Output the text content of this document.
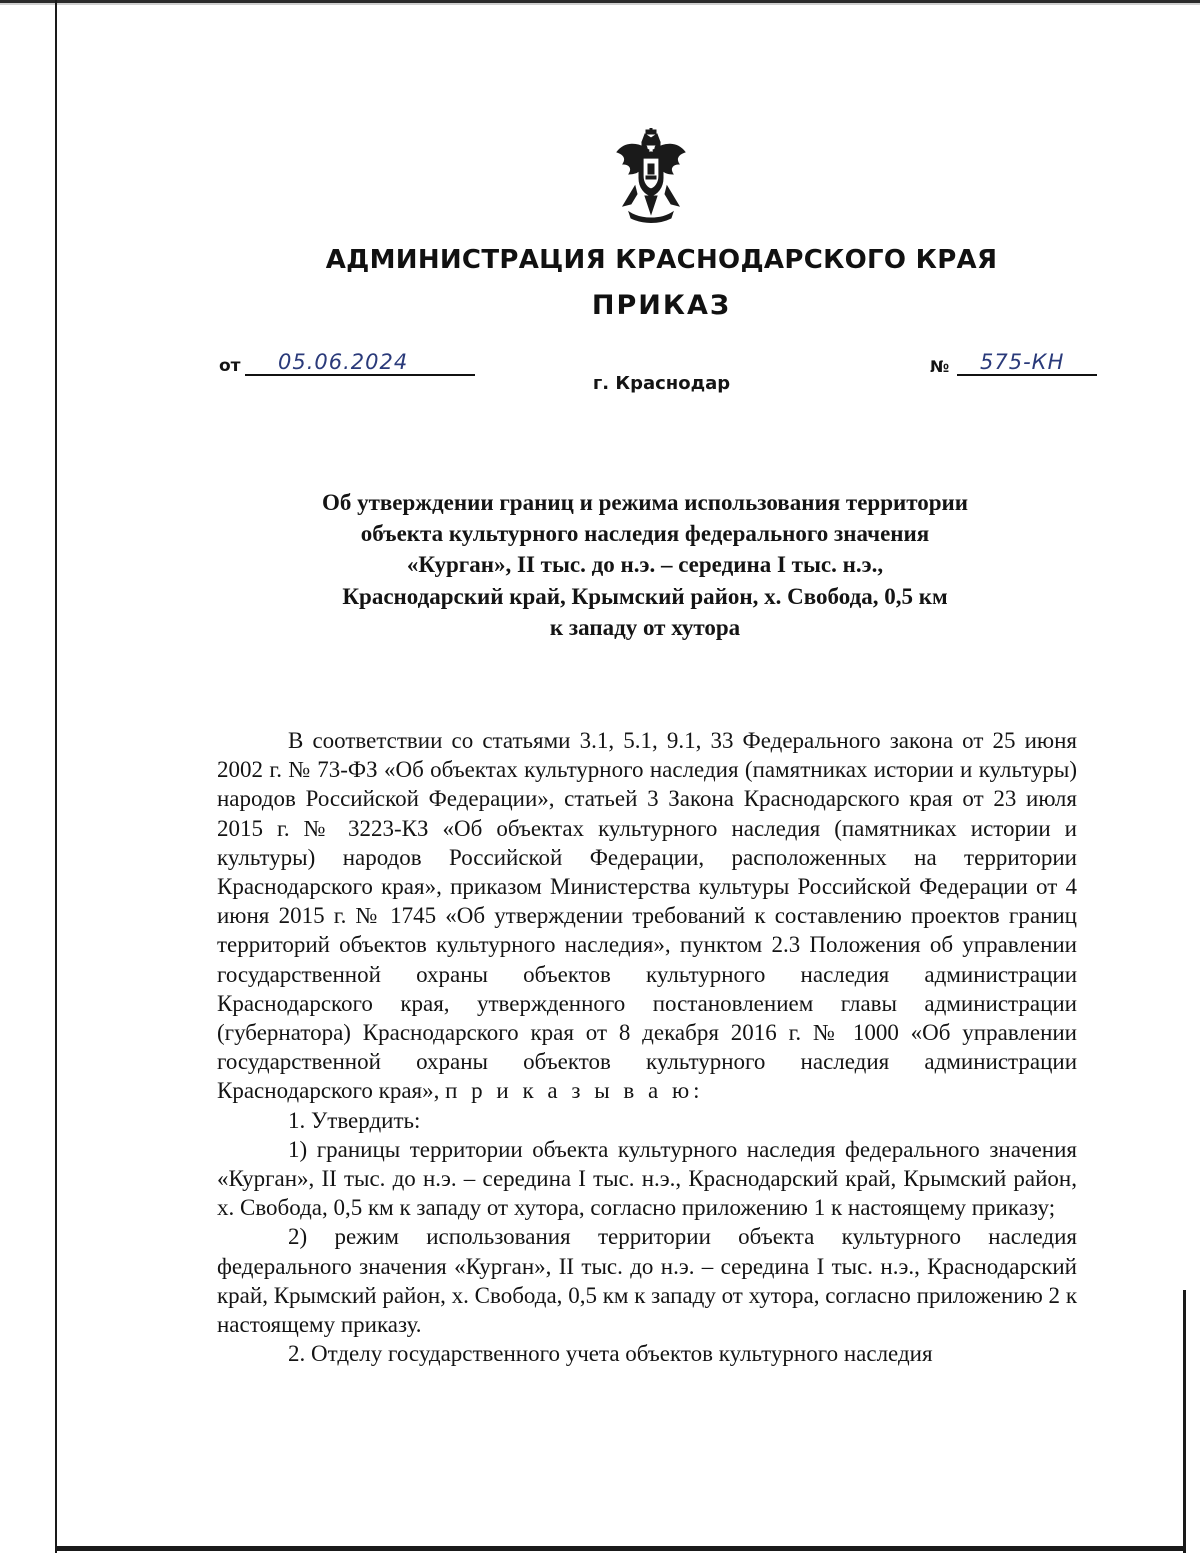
АДМИНИСТРАЦИЯ КРАСНОДАРСКОГО КРАЯ
ПРИКАЗ
от 05.06.2024	№ 575-КН
г. Краснодар
Об утверждении границ и режима использования территории
объекта культурного наследия федерального значения
«Курган», II тыс. до н.э. – середина I тыс. н.э.,
Краснодарский край, Крымский район, х. Свобода, 0,5 км
к западу от хутора

В соответствии со статьями 3.1, 5.1, 9.1, 33 Федерального закона от 25 июня 2002 г. № 73-ФЗ «Об объектах культурного наследия (памятниках истории и культуры) народов Российской Федерации», статьей 3 Закона Краснодарского края от 23 июля 2015 г. № 3223-КЗ «Об объектах культурного наследия (памятниках истории и культуры) народов Российской Федерации, расположенных на территории Краснодарского края», приказом Министерства культуры Российской Федерации от 4 июня 2015 г. № 1745 «Об утверждении требований к составлению проектов границ территорий объектов культурного наследия», пунктом 2.3 Положения об управлении государственной охраны объектов культурного наследия администрации Краснодарского края, утвержденного постановлением главы администрации (губернатора) Краснодарского края от 8 декабря 2016 г. № 1000 «Об управлении государственной охраны объектов культурного наследия администрации Краснодарского края», п р и к а з ы в а ю:

1. Утвердить:

1) границы территории объекта культурного наследия федерального значения «Курган», II тыс. до н.э. – середина I тыс. н.э., Краснодарский край, Крымский район, х. Свобода, 0,5 км к западу от хутора, согласно приложению 1 к настоящему приказу;

2) режим использования территории объекта культурного наследия федерального значения «Курган», II тыс. до н.э. – середина I тыс. н.э., Краснодарский край, Крымский район, х. Свобода, 0,5 км к западу от хутора, согласно приложению 2 к настоящему приказу.

2. Отделу государственного учета объектов культурного наследия
